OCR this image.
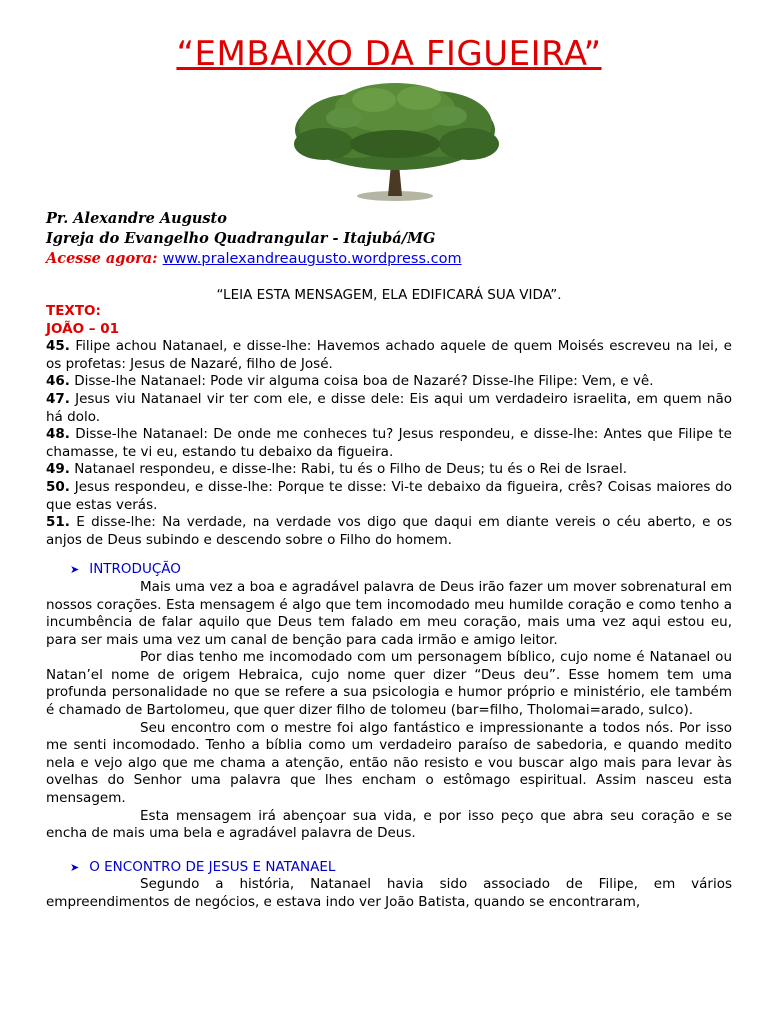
“EMBAIXO DA FIGUEIRA”
Pr. Alexandre Augusto
Igreja do Evangelho Quadrangular - Itajubá/MG
Acesse agora: www.pralexandreaugusto.wordpress.com
“LEIA ESTA MENSAGEM, ELA EDIFICARÁ SUA VIDA”.

TEXTO:

JOÃO – 01

45. Filipe achou Natanael, e disse-lhe: Havemos achado aquele de quem Moisés escreveu na lei, e os profetas: Jesus de Nazaré, filho de José.

46. Disse-lhe Natanael: Pode vir alguma coisa boa de Nazaré? Disse-lhe Filipe: Vem, e vê.

47. Jesus viu Natanael vir ter com ele, e disse dele: Eis aqui um verdadeiro israelita, em quem não há dolo.

48. Disse-lhe Natanael: De onde me conheces tu? Jesus respondeu, e disse-lhe: Antes que Filipe te chamasse, te vi eu, estando tu debaixo da figueira.

49. Natanael respondeu, e disse-lhe: Rabi, tu és o Filho de Deus; tu és o Rei de Israel.

50. Jesus respondeu, e disse-lhe: Porque te disse: Vi-te debaixo da figueira, crês? Coisas maiores do que estas verás.

51. E disse-lhe: Na verdade, na verdade vos digo que daqui em diante vereis o céu aberto, e os anjos de Deus subindo e descendo sobre o Filho do homem.

➤ INTRODUÇÃO

Mais uma vez a boa e agradável palavra de Deus irão fazer um mover sobrenatural em nossos corações. Esta mensagem é algo que tem incomodado meu humilde coração e como tenho a incumbência de falar aquilo que Deus tem falado em meu coração, mais uma vez aqui estou eu, para ser mais uma vez um canal de benção para cada irmão e amigo leitor.

Por dias tenho me incomodado com um personagem bíblico, cujo nome é Natanael ou Natan’el nome de origem Hebraica, cujo nome quer dizer “Deus deu”. Esse homem tem uma profunda personalidade no que se refere a sua psicologia e humor próprio e ministério, ele também é chamado de Bartolomeu, que quer dizer filho de tolomeu (bar=filho, Tholomai=arado, sulco).

Seu encontro com o mestre foi algo fantástico e impressionante a todos nós. Por isso me senti incomodado. Tenho a bíblia como um verdadeiro paraíso de sabedoria, e quando medito nela e vejo algo que me chama a atenção, então não resisto e vou buscar algo mais para levar às ovelhas do Senhor uma palavra que lhes encham o estômago espiritual. Assim nasceu esta mensagem.

Esta mensagem irá abençoar sua vida, e por isso peço que abra seu coração e se encha de mais uma bela e agradável palavra de Deus.

➤ O ENCONTRO DE JESUS E NATANAEL

Segundo a história, Natanael havia sido associado de Filipe, em vários empreendimentos de negócios, e estava indo ver João Batista, quando se encontraram,
